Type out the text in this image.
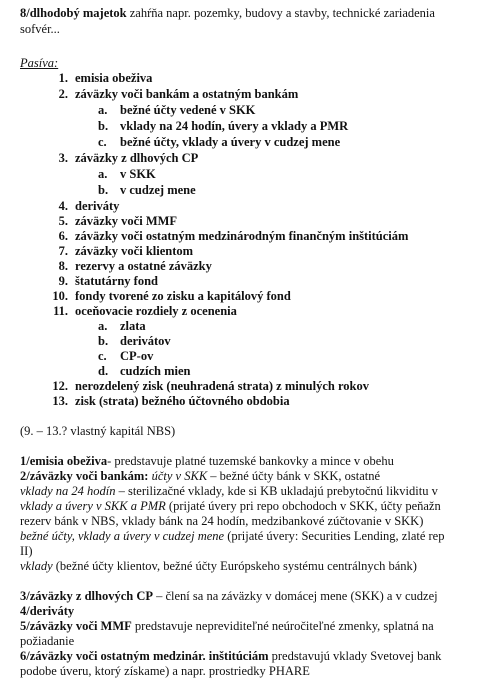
8/dlhodobý majetok zahŕňa napr. pozemky, budovy a stavby, technické zariadenia
sofvér...
Pasíva:
1. emisia obeživa
2. záväzky voči bankám a ostatným bankám
a. bežné účty vedené v SKK
b. vklady na 24 hodín, úvery a vklady a PMR
c. bežné účty, vklady a úvery v cudzej mene
3. záväzky z dlhových CP
a. v SKK
b. v cudzej mene
4. deriváty
5. záväzky voči MMF
6. záväzky voči ostatným medzinárodným finančným inštitúciám
7. záväzky voči klientom
8. rezervy a ostatné záväzky
9. štatutárny fond
10. fondy tvorené zo zisku a kapitálový fond
11. oceňovacie rozdiely z ocenenia
a. zlata
b. derivátov
c. CP-ov
d. cudzích mien
12. nerozdelený zisk (neuhradená strata) z minulých rokov
13. zisk (strata) bežného účtovného obdobia
(9. – 13.? vlastný kapitál NBS)
1/emisia obeživa- predstavuje platné tuzemské bankovky a mince v obehu
2/záväzky voči bankám: účty v SKK – bežné účty bánk v SKK, ostatné
vklady na 24 hodín – sterilizačné vklady, kde si KB ukladajú prebytočnú likviditu v
vklady a úvery v SKK a PMR (prijaté úvery pri repo obchodoch v SKK, účty peňažn
rezerv bánk v NBS, vklady bánk na 24 hodín, medzibankové zúčtovanie v SKK)
bežné účty, vklady a úvery v cudzej mene (prijaté úvery: Securities Lending, zlaté rep
II)
vklady (bežné účty klientov, bežné účty Európskeho systému centrálnych bánk)
3/záväzky z dlhových CP – člení sa na záväzky v domácej mene (SKK) a v cudzej
4/deriváty
5/záväzky voči MMF predstavuje nepreviditeľné neúročiteľné zmenky, splatná na
požiadanie
6/záväzky voči ostatným medzinár. inštitúciám predstavujú vklady Svetovej bank
podobe úveru, ktorý získame) a napr. prostriedky PHARE
